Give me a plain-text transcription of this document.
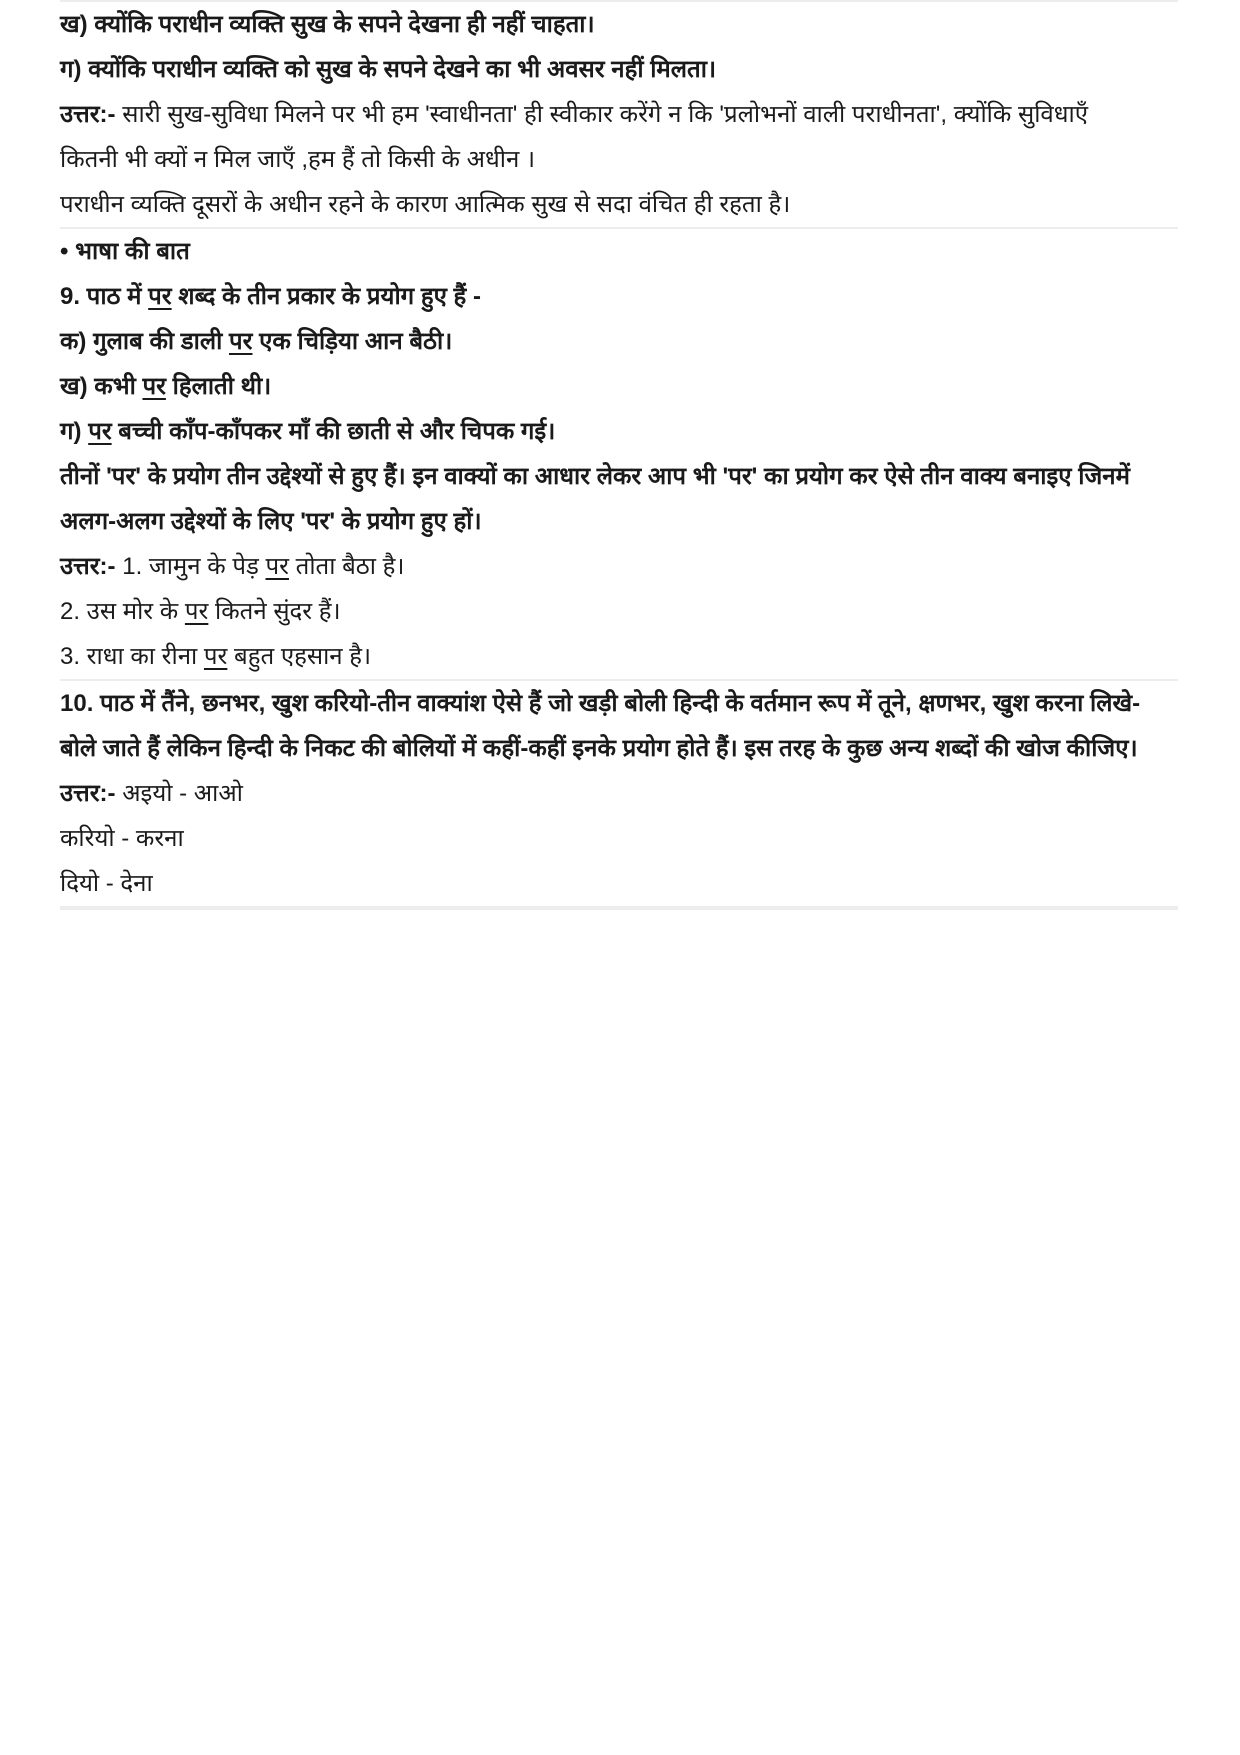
ख) क्योंकि पराधीन व्यक्ति सुख के सपने देखना ही नहीं चाहता।

ग) क्योंकि पराधीन व्यक्ति को सुख के सपने देखने का भी अवसर नहीं मिलता।

उत्तर:- सारी सुख-सुविधा मिलने पर भी हम 'स्वाधीनता' ही स्वीकार करेंगे न कि 'प्रलोभनों वाली पराधीनता', क्योंकि सुविधाएँ

कितनी भी क्यों न मिल जाएँ ,हम हैं तो किसी के अधीन ।

पराधीन व्यक्ति दूसरों के अधीन रहने के कारण आत्मिक सुख से सदा वंचित ही रहता है।

• भाषा की बात

9. पाठ में पर शब्द के तीन प्रकार के प्रयोग हुए हैं -

क) गुलाब की डाली पर एक चिड़िया आन बैठी।

ख) कभी पर हिलाती थी।

ग) पर बच्ची काँप-काँपकर माँ की छाती से और चिपक गई।

तीनों 'पर' के प्रयोग तीन उद्देश्यों से हुए हैं। इन वाक्यों का आधार लेकर आप भी 'पर' का प्रयोग कर ऐसे तीन वाक्य बनाइए जिनमें

अलग-अलग उद्देश्यों के लिए 'पर' के प्रयोग हुए हों।

उत्तर:- 1. जामुन के पेड़ पर तोता बैठा है।

2. उस मोर के पर कितने सुंदर हैं।

3. राधा का रीना पर बहुत एहसान है।

10. पाठ में तैंने, छनभर, खुश करियो-तीन वाक्यांश ऐसे हैं जो खड़ी बोली हिन्दी के वर्तमान रूप में तूने, क्षणभर, खुश करना लिखे-

बोले जाते हैं लेकिन हिन्दी के निकट की बोलियों में कहीं-कहीं इनके प्रयोग होते हैं। इस तरह के कुछ अन्य शब्दों की खोज कीजिए।

उत्तर:- अइयो - आओ

करियो - करना

दियो - देना
